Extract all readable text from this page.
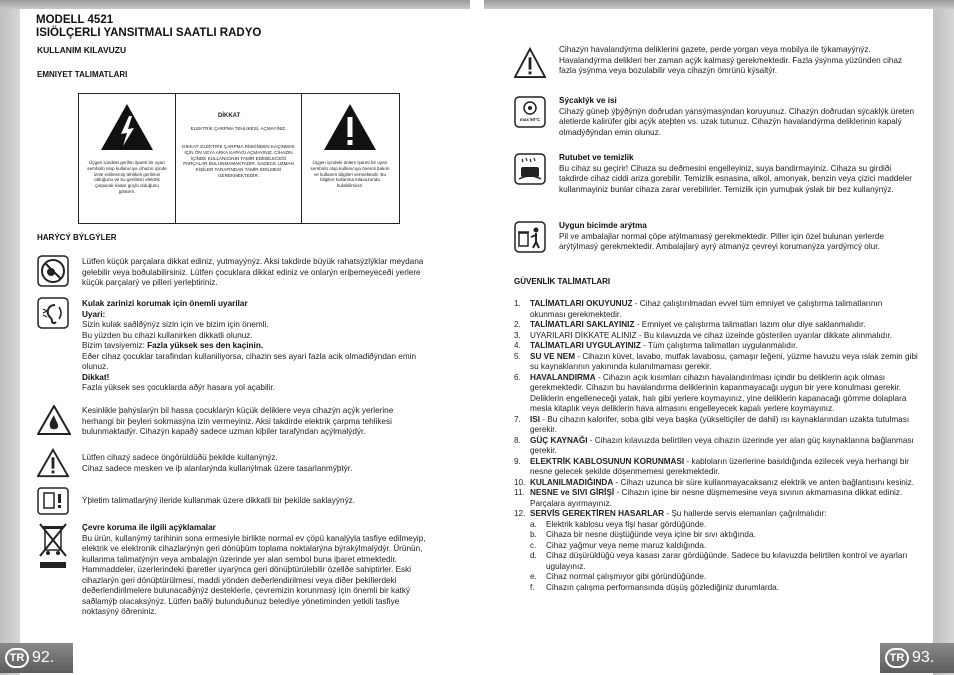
MODELL 4521
ISIÖLÇERLI YANSITMALI SAATLI RADYO
KULLANIM KILAVUZU
EMNIYET TALIMATLARI
Üçgen içindeki gerilim işareti bir uyarı sembolü olup kullanıcıya cihazın içinde izole edilmemiş tehlikeli gerilimin olduğunu ve bu gerilimin elektrik çarpacak kadar güçlü olduğunu gösterir.
DİKKAT
ELEKTRİK ÇARPMA TEHLİKESİ, AÇMAYINIZ.
DİKKAT: ELEKTRİK ÇARPMA RİSKİNDEN KAÇINMAK İÇİN ÖN VEYA ARKA KAPAĞI AÇMAYINIZ. CİHAZIN İÇİNDE KULLANICININ TAMİR EDEBİLECEĞİ PARÇALAR BULUNMAMAKTADIR. SADECE UZMAN KİŞİLER TARAFINDAN TAMİR EDİLMESİ GEREKMEKTEDİR.
Üçgen içindeki ünlem işareti bir uyarı sembolü olup kullanıcıya önemli bakım ve kullanım bilgileri vermektedir. Bu bilgileri kullanma kılavuzunda bulabilirsiniz.
HARÝCÝ BÝLGÝLER
Lütfen küçük parçalara dikkat ediniz, yutmayýnýz. Aksi takdirde büyük rahatsýzlýklar meydana gelebilir veya boðulabilirsiniz. Lütfen çocuklara dikkat ediniz ve onlarýn eriþemeyeceði yerlere küçük parçalarý ve pilleri yerleþtiriniz.
Kulak zarinizi korumak için önemli uyarilar
Uyari:
Sizin kulak saðlðýnýz sizin için ve bizim için önemli.
Bu yüzden bu cihazi kullanirken dikkatli olunuz.
Bizim tavsiyemiz: Fazla yüksek ses den kaçinin.
Eðer cihaz çocuklar tarafindan kullaniliyorsa, cihazin ses ayari fazla acik olmadiðýndan emin olunuz.
Dikkat!
Fazla yüksek ses çocuklarda aðýr hasara yol açabilir.
Kesinlikle þahýslarýn bil hassa çocuklarýn küçük deliklere veya cihazýn açýk yerlerine herhangi bir þeyleri sokmasýna izin vermeyiniz. Aksi takdirde elektrik çarpma tehlikesi bulunmaktadýr. Cihazýn kapaðý sadece uzman kiþiler tarafýndan açýlmalýdýr.
Lütfen cihazý sadece öngörüldüðü þekilde kullanýnýz.
Cihaz sadece mesken ve iþ alanlarýnda kullanýlmak üzere tasarlanmýþtýr.
Ýþletim talimatlarýný ileride kullanmak üzere dikkatli bir þekilde saklayýnýz.
Çevre koruma ile ilgili açýklamalar
Bu ürün, kullanýmý tarihinin sona ermesiyle birlikte normal ev çöpü kanalýyla tasfiye edilmeyip, elektrik ve elektronik cihazlarýnýn geri dönüþüm toplama noktalarýna býrakýlmalýdýr. Ürünün, kullanma talimatýnýn veya ambalajýn üzerinde yer alan sembol buna iþaret etmektedir. Hammaddeler, üzerlerindeki iþaretler uyarýnca geri dönüþtürülebilir özellðe sahiptirler. Eski cihazlarýn geri dönüþtürülmesi, maddi yönden deðerlendirilmesi veya diðer þekillerdeki deðerlendirilmelere bulunacaðýnýz desteklerle, çevremizin korunmasý için önemli bir katký saðlamýþ olacaksýnýz. Lütfen baðlý bulunduðunuz belediye yönetiminden yetkili tasfiye noktasýný öðreniniz.
Cihazýn havalandýrma deliklerini gazete, perde yorgan veya mobilya ile týkamayýnýz. Havalandýrma delikleri her zaman açýk kalmasý gerekmektedir. Fazla ýsýnma yüzünden cihaz fazla ýsýnma veya bozulabilir veya cihazýn ömrünü kýsaltýr.
max 50°C
Sýcaklýk ve isi
Cihazý güneþ ýþýðýnýn doðrudan yansýmasýndan koruyunuz. Cihazýn doðrudan sýcaklýk üreten aletlerde kalirüfer gibi açýk ateþten vs. uzak tutunuz. Cihazýn havalandýrma deliklerinin kapalý olmadýðýndan emin olunuz.
Rutubet ve temizlik
Bu cihaz su geçirir! Cihaza su deðmesini engelleyiniz, suya bandirmayiniz. Cihaza su girdiði takdirde cihaz ciddi ariza gorebilir. Temizlik esnasina, alkol, amonyak, benzin veya çizici maddeler kullanmayiniz bunlar cihaza zarar verebilirler. Temizlik için yumuþak ýslak bir bez kullanýnýz.
Uygun bicimde arýtma
Pil ve ambalajlar normal çöpe atýlmamasý gerekmektedir. Piller için özel bulunan yerlerde arýtýlmasý gerekmektedir. Ambalajlarý ayrý atmanýz çevreyi korumanýza yardýmcý olur.
GÜVENLİK TALİMATLARI
1. TALİMATLARI OKUYUNUZ - Cihaz çalıştırılmadan evvel tüm emniyet ve çalıştırma talimatlarının okunması gerekmektedir.
2. TALİMATLARI SAKLAYINIZ - Emniyet ve çalıştırma talimatları lazım olur diye saklanmalıdır.
3. UYARILARI DİKKATE ALINIZ - Bu kılavuzda ve cihaz üzeinde gösterilen uyarılar dikkate alınmalıdır.
4. TALİMATLARI UYGULAYINIZ - Tüm çalıştırma talimatları uygulanmalıdır.
5. SU VE NEM - Cihazın küvet, lavabo, mutfak lavabosu, çamaşır leğeni, yüzme havuzu veya ıslak zemin gibi su kaynaklarının yakınında kulanılmaması gerekir.
6. HAVALANDIRMA - Cihazın açık kısımları cihazın havalandırılması içindir bu deliklerin açık olması gerekmektedir. Cihazın bu havalandırma deliklerinin kapanmayacağı uygun bir yere konulması gerekir. Deliklerin engelleneceği yatak, halı gibi yerlere koymayınız, yine deliklerin kapanacağı gömme dolaplara mesla kitaplık veya deliklerin hava almasını engelleyecek kapalı yerlere koymayınız.
7. ISI - Bu cihazın kalorifer, soba gibi veya başka (yükseltiçiler de dahil) ısı kaynaklarından uzakta tutulması gerekir.
8. GÜÇ KAYNAĞI - Cihazın kılavuzda belirtilen veya cihazın üzerinde yer alan güç kaynaklarına bağlanması gerekir.
9. ELEKTRİK KABLOSUNUN KORUNMASI - kabloların üzerlerine basıldığında ezilecek veya herhangi bir nesne gelecek şekilde döşenmemesi gerekmektedir.
10. KULANILMADIĞINDA - Cihazı uzunca bir süre kullanmayacaksanız elektrik ve anten bağlantısını kesiniz.
11. NESNE ve SIVI GİRİŞİ - Cihazın içine bir nesne düşmemesine veya sıvının akmamasına dikkat ediniz. Parçalara ayırmayınız.
12. SERVİS GEREKTİREN HASARLAR - Şu hallerde servis elemanları çağrılmalıdır:
a. Elektrik kablosu veya fişi hasar gördüğünde.
b. Cihaza bir nesne düştüğünde veya içine bir sıvı aktığında.
c. Cihaz yağmur veya neme maruz kaldığında.
d. Cihaz düşürüldüğü veya kasası zarar gördüğünde. Sadece bu kılavuzda belirtilen kontrol ve ayarları ugulayınız.
e. Cihaz normal çalışmıyor gibi göründüğünde.
f. Cihazın çalışma performansında düşüş gözlediğiniz durumlarda.
TR 92.	TR 93.
